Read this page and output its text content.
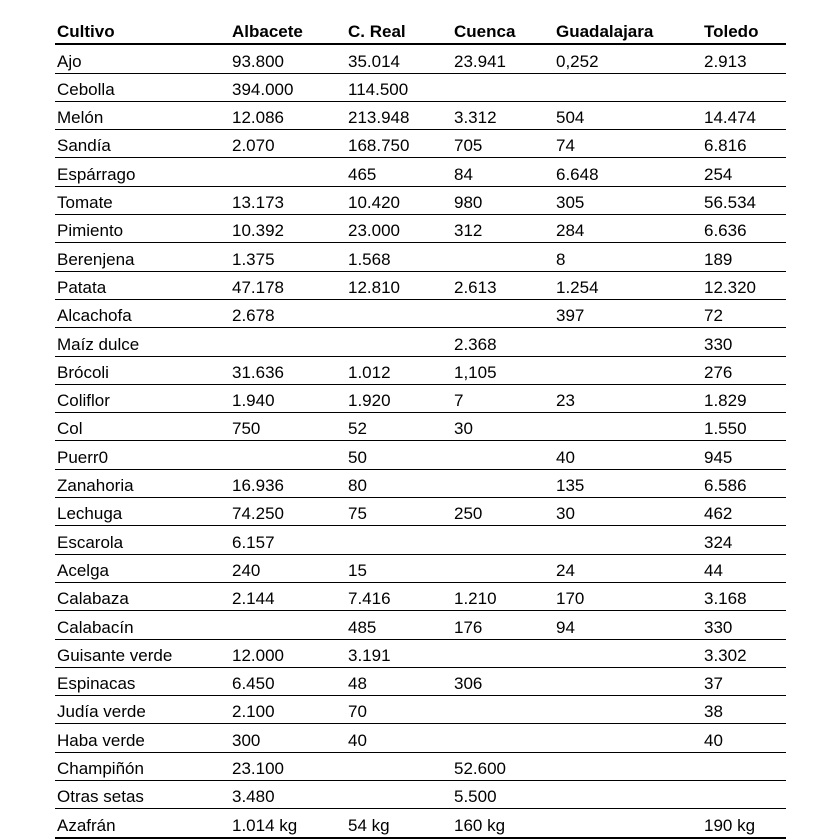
Cultivo	Albacete	C. Real	Cuenca	Guadalajara	Toledo
Ajo	93.800	35.014	23.941	0,252	2.913
Cebolla	394.000	114.500			
Melón	12.086	213.948	3.312	504	14.474
Sandía	2.070	168.750	705	74	6.816
Espárrago		465	84	6.648	254
Tomate	13.173	10.420	980	305	56.534
Pimiento	10.392	23.000	312	284	6.636
Berenjena	1.375	1.568		8	189
Patata	47.178	12.810	2.613	1.254	12.320
Alcachofa	2.678			397	72
Maíz dulce			2.368		330
Brócoli	31.636	1.012	1,105		276
Coliflor	1.940	1.920	7	23	1.829
Col	750	52	30		1.550
Puerr0		50		40	945
Zanahoria	16.936	80		135	6.586
Lechuga	74.250	75	250	30	462
Escarola	6.157				324
Acelga	240	15		24	44
Calabaza	2.144	7.416	1.210	170	3.168
Calabacín		485	176	94	330
Guisante verde	12.000	3.191			3.302
Espinacas	6.450	48	306		37
Judía verde	2.100	70			38
Haba verde	300	40			40
Champiñón	23.100		52.600		
Otras setas	3.480		5.500		
Azafrán	1.014 kg	54 kg	160 kg		190 kg
